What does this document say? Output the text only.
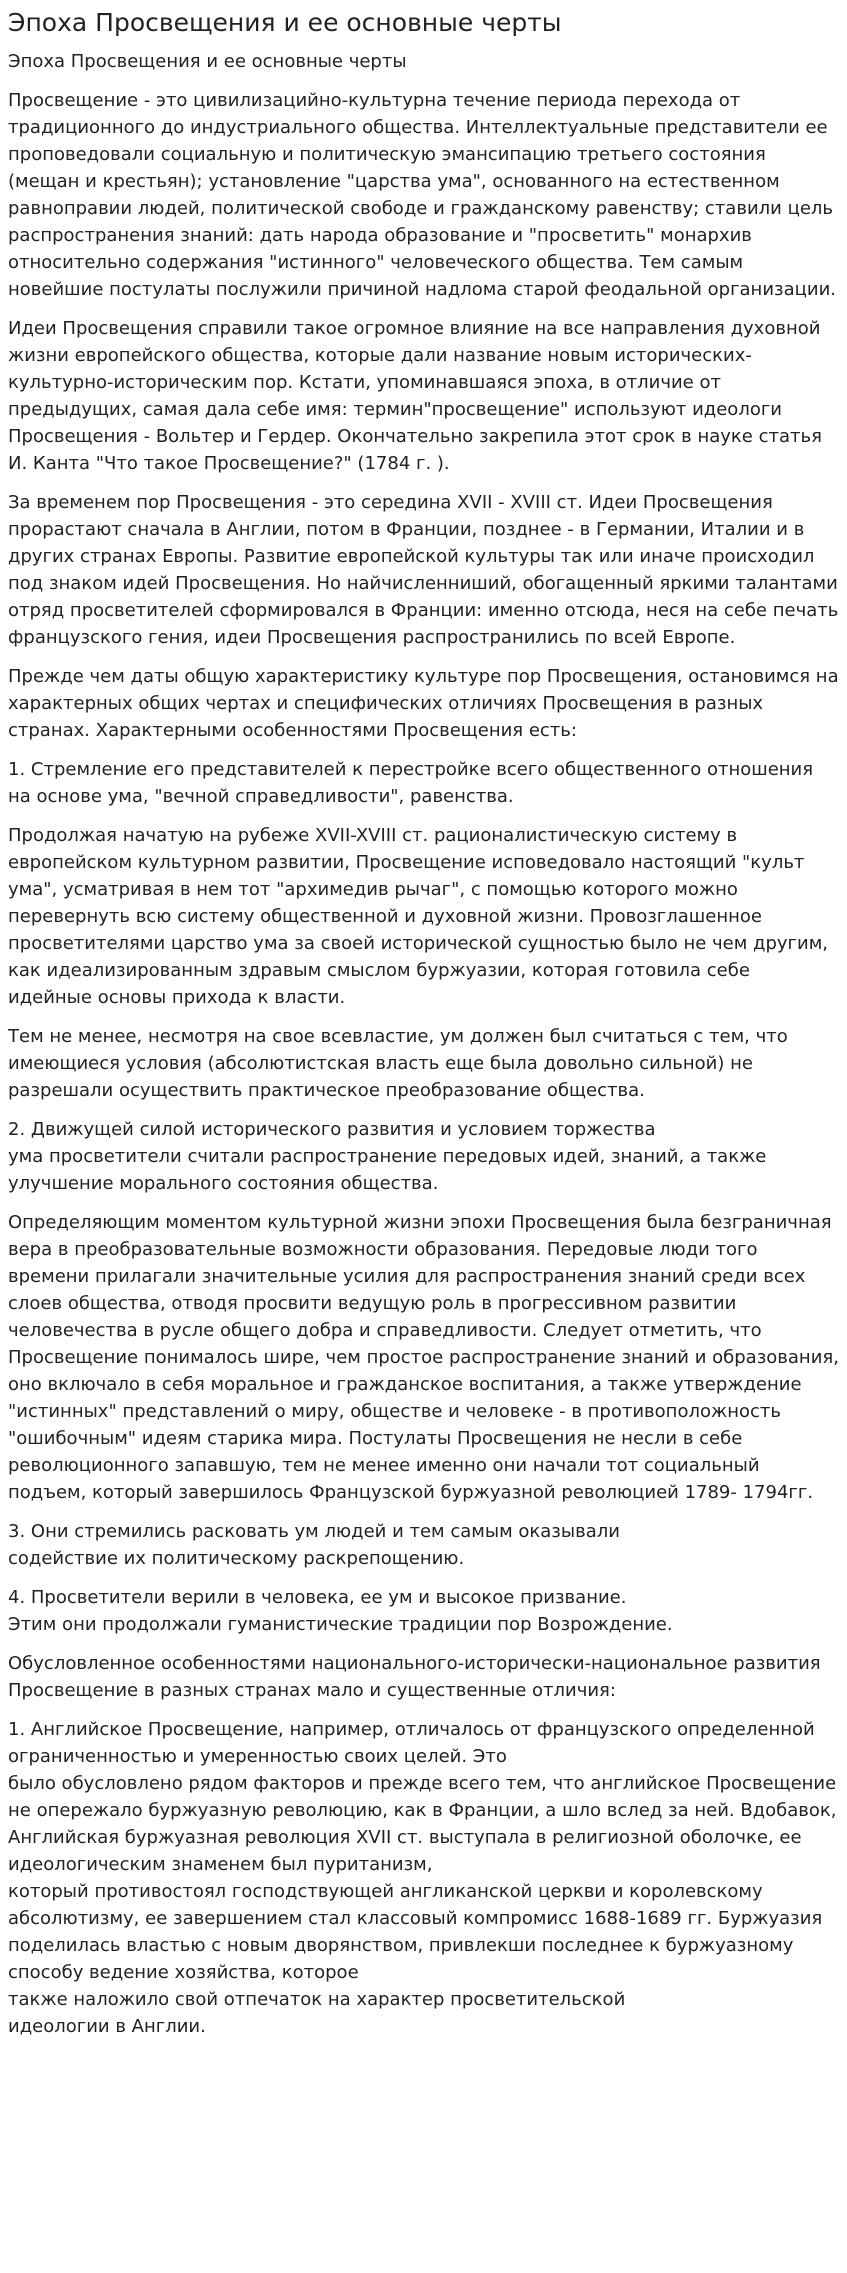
Эпоха Просвещения и ее основные черты
Эпоха Просвещения и ее основные черты

Просвещение - это цивилизацийно-культурна течение периода перехода от традиционного до индустриального общества. Интеллектуальные представители ее проповедовали социальную и политическую эмансипацию третьего состояния (мещан и крестьян); установление "царства ума", основанного на естественном равноправии людей, политической свободе и гражданскому равенству; ставили цель распространения знаний: дать народа образование и "просветить" монархив относительно содержания "истинного" человеческого общества. Тем самым новейшие постулаты послужили причиной надлома старой феодальной организации.

Идеи Просвещения справили такое огромное влияние на все направления духовной жизни европейского общества, которые дали название новым исторических-культурно-историческим пор. Кстати, упоминавшаяся эпоха, в отличие от предыдущих, самая дала себе имя: термин"просвещение" используют идеологи Просвещения - Вольтер и Гердер. Окончательно закрепила этот срок в науке статья И. Канта "Что такое Просвещение?" (1784 г. ).

За временем пор Просвещения - это середина XVII - XVIII ст. Идеи Просвещения прорастают сначала в Англии, потом в Франции, позднее - в Германии, Италии и в других странах Европы. Развитие европейской культуры так или иначе происходил под знаком идей Просвещения. Но найчисленниший, обогащенный яркими талантами отряд просветителей сформировался в Франции: именно отсюда, неся на себе печать французского гения, идеи Просвещения распространились по всей Европе.

Прежде чем даты общую характеристику культуре пор Просвещения, остановимся на характерных общих чертах и специфических отличиях Просвещения в разных странах. Характерными особенностями Просвещения есть:

1. Стремление его представителей к перестройке всего общественного отношения на основе ума, "вечной справедливости", равенства.

Продолжая начатую на рубеже XVII-XVIII ст. рационалистическую систему в европейском культурном развитии, Просвещение исповедовало настоящий "культ ума", усматривая в нем тот "архимедив рычаг", с помощью которого можно перевернуть всю систему общественной и духовной жизни. Провозглашенное просветителями царство ума за своей исторической сущностью было не чем другим, как идеализированным здравым смыслом буржуазии, которая готовила себе идейные основы прихода к власти.

Тем не менее, несмотря на свое всевластие, ум должен был считаться с тем, что имеющиеся условия (абсолютистская власть еще была довольно сильной) не разрешали осуществить практическое преобразование общества.

2. Движущей силой исторического развития и условием торжества
ума просветители считали распространение передовых идей, знаний, а также улучшение морального состояния общества.

Определяющим моментом культурной жизни эпохи Просвещения была безграничная вера в преобразовательные возможности образования. Передовые люди того времени прилагали значительные усилия для распространения знаний среди всех слоев общества, отводя просвити ведущую роль в прогрессивном развитии человечества в русле общего добра и справедливости. Следует отметить, что Просвещение понималось шире, чем простое распространение знаний и образования, оно включало в себя моральное и гражданское воспитания, а также утверждение "истинных" представлений о миру, обществе и человеке - в противоположность "ошибочным" идеям старика мира. Постулаты Просвещения не несли в себе революционного запавшую, тем не менее именно они начали тот социальный подъем, который завершилось Французской буржуазной революцией 1789- 1794гг.

3. Они стремились расковать ум людей и тем самым оказывали
содействие их политическому раскрепощению.

4. Просветители верили в человека, ее ум и высокое призвание.
Этим они продолжали гуманистические традиции пор Возрождение.

Обусловленное особенностями национального-исторически-национальное развития Просвещение в разных странах мало и существенные отличия:

1. Английское Просвещение, например, отличалось от французского определенной ограниченностью и умеренностью своих целей. Это
было обусловлено рядом факторов и прежде всего тем, что английское Просвещение не опережало буржуазную революцию, как в Франции, а шло вслед за ней. Вдобавок, Английская буржуазная революция XVII ст. выступала в религиозной оболочке, ее идеологическим знаменем был пуританизм,
который противостоял господствующей англиканской церкви и королевскому абсолютизму, ее завершением стал классовый компромисс 1688-1689 гг. Буржуазия поделилась властью с новым дворянством, привлекши последнее к буржуазному способу ведение хозяйства, которое
также наложило свой отпечаток на характер просветительской
идеологии в Англии.
